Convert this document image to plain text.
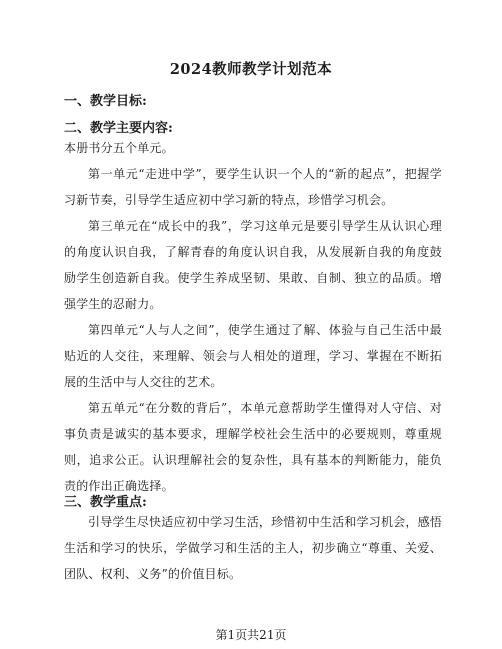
2024教师教学计划范本
一、教学目标:
二、教学主要内容:
本册书分五个单元。
第一单元“走进中学”，要学生认识一个人的“新的起点”，把握学习新节奏，引导学生适应初中学习新的特点，珍惜学习机会。
第三单元在“成长中的我”，学习这单元是要引导学生从认识心理的角度认识自我，了解青春的角度认识自我，从发展新自我的角度鼓励学生创造新自我。使学生养成坚韧、果敢、自制、独立的品质。增强学生的忍耐力。
第四单元“人与人之间”，使学生通过了解、体验与自己生活中最贴近的人交往，来理解、领会与人相处的道理，学习、掌握在不断拓展的生活中与人交往的艺术。
第五单元“在分数的背后”，本单元意帮助学生懂得对人守信、对事负责是诚实的基本要求，理解学校社会生活中的必要规则，尊重规则，追求公正。认识理解社会的复杂性，具有基本的判断能力，能负责的作出正确选择。
三、教学重点:
引导学生尽快适应初中学习生活，珍惜初中生活和学习机会，感悟生活和学习的快乐，学做学习和生活的主人，初步确立“尊重、关爱、团队、权利、义务”的价值目标。
第1页共21页
